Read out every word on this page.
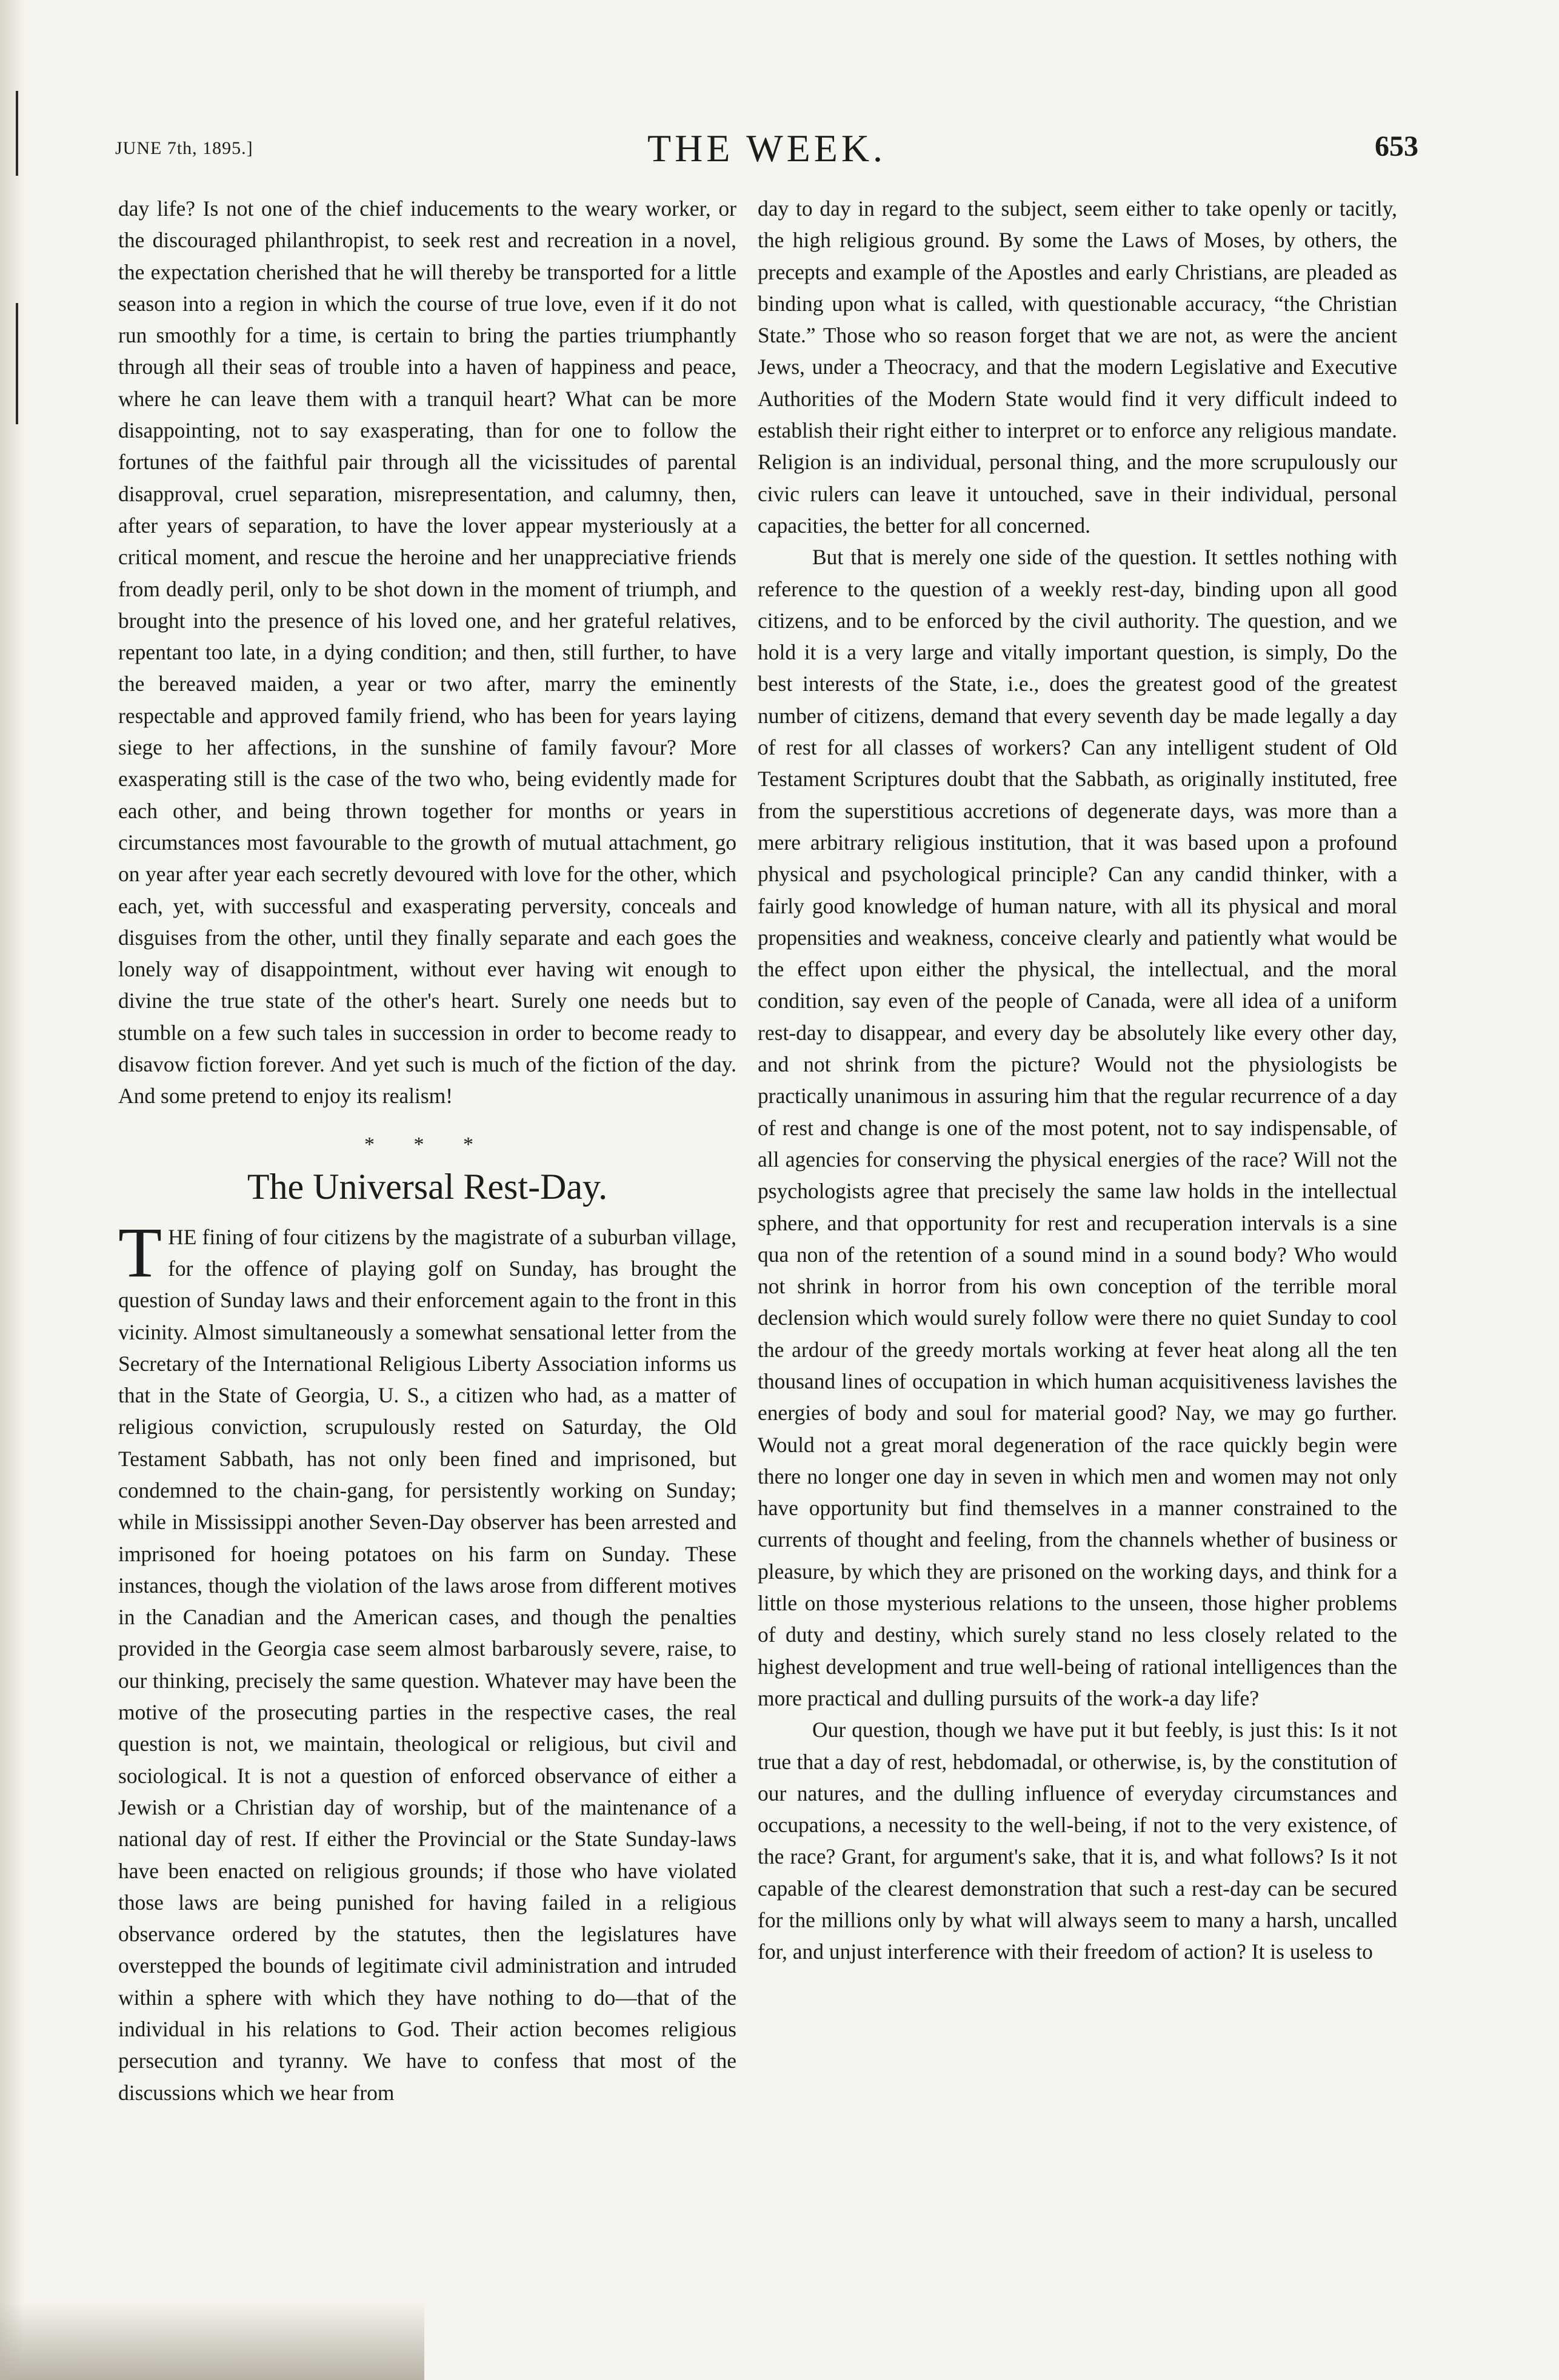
JUNE 7th, 1895.]	THE WEEK.	653

day life? Is not one of the chief inducements to the weary worker, or the discouraged philanthropist, to seek rest and recreation in a novel, the expectation cherished that he will thereby be transported for a little season into a region in which the course of true love, even if it do not run smoothly for a time, is certain to bring the parties triumphantly through all their seas of trouble into a haven of happiness and peace, where he can leave them with a tranquil heart? What can be more disappointing, not to say exasperating, than for one to follow the fortunes of the faithful pair through all the vicissitudes of parental disapproval, cruel separation, misrepresentation, and calumny, then, after years of separation, to have the lover appear mysteriously at a critical moment, and rescue the heroine and her unappreciative friends from deadly peril, only to be shot down in the moment of triumph, and brought into the presence of his loved one, and her grateful relatives, repentant too late, in a dying condition; and then, still further, to have the bereaved maiden, a year or two after, marry the eminently respectable and approved family friend, who has been for years laying siege to her affections, in the sunshine of family favour? More exasperating still is the case of the two who, being evidently made for each other, and being thrown together for months or years in circumstances most favourable to the growth of mutual attachment, go on year after year each secretly devoured with love for the other, which each, yet, with successful and exasperating perversity, conceals and disguises from the other, until they finally separate and each goes the lonely way of disappointment, without ever having wit enough to divine the true state of the other's heart. Surely one needs but to stumble on a few such tales in succession in order to become ready to disavow fiction forever. And yet such is much of the fiction of the day. And some pretend to enjoy its realism!

* * *
The Universal Rest-Day.

THE fining of four citizens by the magistrate of a suburban village, for the offence of playing golf on Sunday, has brought the question of Sunday laws and their enforcement again to the front in this vicinity. Almost simultaneously a somewhat sensational letter from the Secretary of the International Religious Liberty Association informs us that in the State of Georgia, U. S., a citizen who had, as a matter of religious conviction, scrupulously rested on Saturday, the Old Testament Sabbath, has not only been fined and imprisoned, but condemned to the chain-gang, for persistently working on Sunday; while in Mississippi another Seven-Day observer has been arrested and imprisoned for hoeing potatoes on his farm on Sunday. These instances, though the violation of the laws arose from different motives in the Canadian and the American cases, and though the penalties provided in the Georgia case seem almost barbarously severe, raise, to our thinking, precisely the same question. Whatever may have been the motive of the prosecuting parties in the respective cases, the real question is not, we maintain, theological or religious, but civil and sociological. It is not a question of enforced observance of either a Jewish or a Christian day of worship, but of the maintenance of a national day of rest. If either the Provincial or the State Sunday-laws have been enacted on religious grounds; if those who have violated those laws are being punished for having failed in a religious observance ordered by the statutes, then the legislatures have overstepped the bounds of legitimate civil administration and intruded within a sphere with which they have nothing to do—that of the individual in his relations to God. Their action becomes religious persecution and tyranny. We have to confess that most of the discussions which we hear from

day to day in regard to the subject, seem either to take openly or tacitly, the high religious ground. By some the Laws of Moses, by others, the precepts and example of the Apostles and early Christians, are pleaded as binding upon what is called, with questionable accuracy, “the Christian State.” Those who so reason forget that we are not, as were the ancient Jews, under a Theocracy, and that the modern Legislative and Executive Authorities of the Modern State would find it very difficult indeed to establish their right either to interpret or to enforce any religious mandate. Religion is an individual, personal thing, and the more scrupulously our civic rulers can leave it untouched, save in their individual, personal capacities, the better for all concerned.

But that is merely one side of the question. It settles nothing with reference to the question of a weekly rest-day, binding upon all good citizens, and to be enforced by the civil authority. The question, and we hold it is a very large and vitally important question, is simply, Do the best interests of the State, i.e., does the greatest good of the greatest number of citizens, demand that every seventh day be made legally a day of rest for all classes of workers? Can any intelligent student of Old Testament Scriptures doubt that the Sabbath, as originally instituted, free from the superstitious accretions of degenerate days, was more than a mere arbitrary religious institution, that it was based upon a profound physical and psychological principle? Can any candid thinker, with a fairly good knowledge of human nature, with all its physical and moral propensities and weakness, conceive clearly and patiently what would be the effect upon either the physical, the intellectual, and the moral condition, say even of the people of Canada, were all idea of a uniform rest-day to disappear, and every day be absolutely like every other day, and not shrink from the picture? Would not the physiologists be practically unanimous in assuring him that the regular recurrence of a day of rest and change is one of the most potent, not to say indispensable, of all agencies for conserving the physical energies of the race? Will not the psychologists agree that precisely the same law holds in the intellectual sphere, and that opportunity for rest and recuperation intervals is a sine qua non of the retention of a sound mind in a sound body? Who would not shrink in horror from his own conception of the terrible moral declension which would surely follow were there no quiet Sunday to cool the ardour of the greedy mortals working at fever heat along all the ten thousand lines of occupation in which human acquisitiveness lavishes the energies of body and soul for material good? Nay, we may go further. Would not a great moral degeneration of the race quickly begin were there no longer one day in seven in which men and women may not only have opportunity but find themselves in a manner constrained to the currents of thought and feeling, from the channels whether of business or pleasure, by which they are prisoned on the working days, and think for a little on those mysterious relations to the unseen, those higher problems of duty and destiny, which surely stand no less closely related to the highest development and true well-being of rational intelligences than the more practical and dulling pursuits of the work-a day life?

Our question, though we have put it but feebly, is just this: Is it not true that a day of rest, hebdomadal, or otherwise, is, by the constitution of our natures, and the dulling influence of everyday circumstances and occupations, a necessity to the well-being, if not to the very existence, of the race? Grant, for argument's sake, that it is, and what follows? Is it not capable of the clearest demonstration that such a rest-day can be secured for the millions only by what will always seem to many a harsh, uncalled for, and unjust interference with their freedom of action? It is useless to
